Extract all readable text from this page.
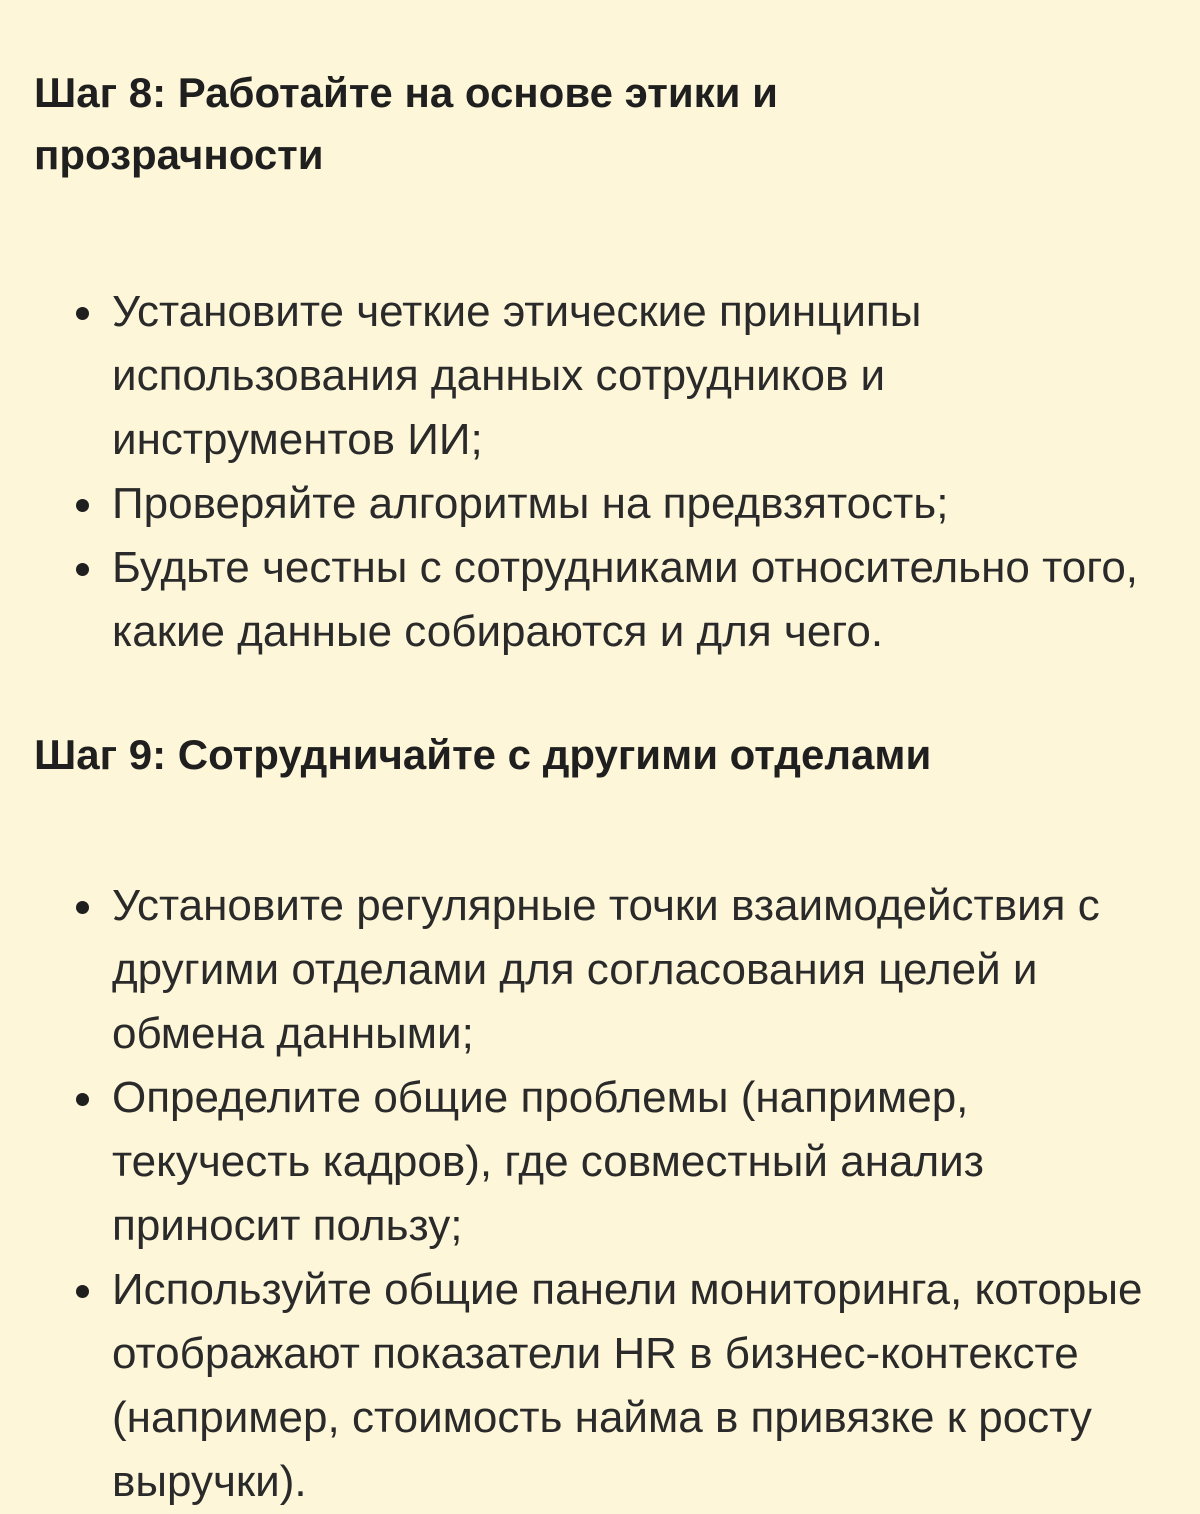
Шаг 8: Работайте на основе этики и прозрачности
Установите четкие этические принципы использования данных сотрудников и инструментов ИИ;
Проверяйте алгоритмы на предвзятость;
Будьте честны с сотрудниками относительно того, какие данные собираются и для чего.
Шаг 9: Сотрудничайте с другими отделами
Установите регулярные точки взаимодействия с другими отделами для согласования целей и обмена данными;
Определите общие проблемы (например, текучесть кадров), где совместный анализ приносит пользу;
Используйте общие панели мониторинга, которые отображают показатели HR в бизнес-контексте (например, стоимость найма в привязке к росту выручки).
